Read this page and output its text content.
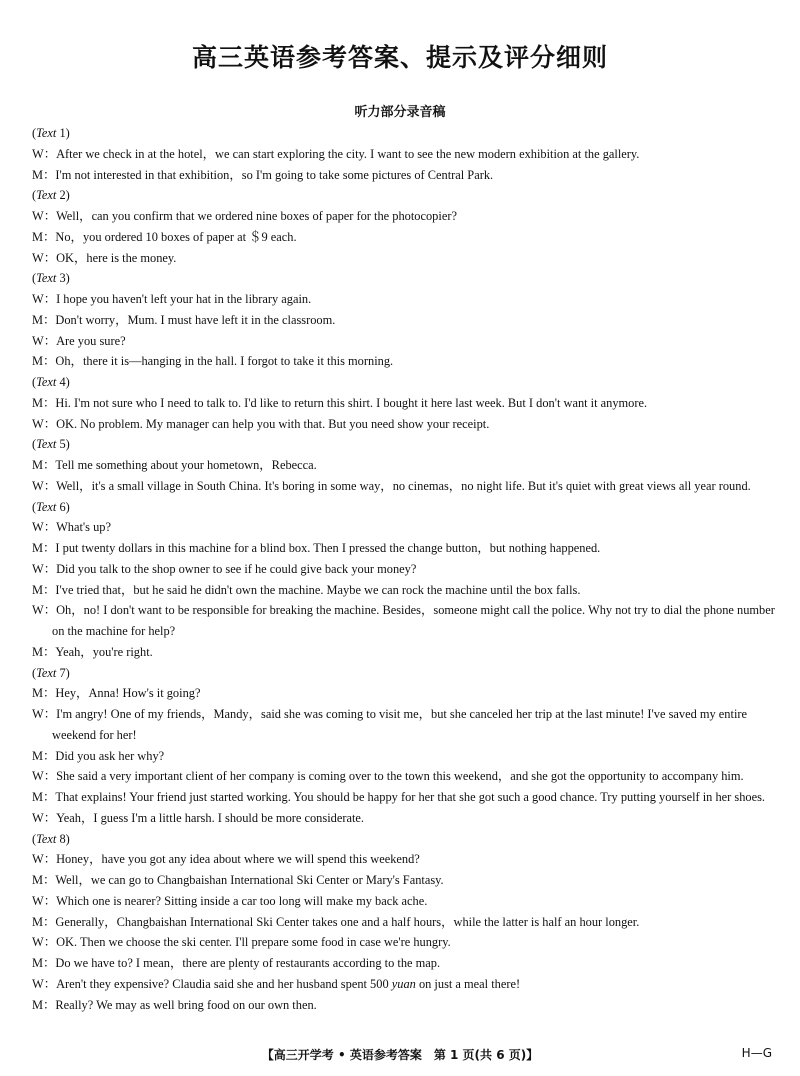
高三英语参考答案、提示及评分细则
听力部分录音稿
(Text 1)
W：After we check in at the hotel，we can start exploring the city. I want to see the new modern exhibition at the gallery.
M：I'm not interested in that exhibition，so I'm going to take some pictures of Central Park.
(Text 2)
W：Well，can you confirm that we ordered nine boxes of paper for the photocopier?
M：No，you ordered 10 boxes of paper at ＄9 each.
W：OK，here is the money.
(Text 3)
W：I hope you haven't left your hat in the library again.
M：Don't worry，Mum. I must have left it in the classroom.
W：Are you sure?
M：Oh，there it is—hanging in the hall. I forgot to take it this morning.
(Text 4)
M：Hi. I'm not sure who I need to talk to. I'd like to return this shirt. I bought it here last week. But I don't want it anymore.
W：OK. No problem. My manager can help you with that. But you need show your receipt.
(Text 5)
M：Tell me something about your hometown，Rebecca.
W：Well，it's a small village in South China. It's boring in some way，no cinemas，no night life. But it's quiet with great views all year round.
(Text 6)
W：What's up?
M：I put twenty dollars in this machine for a blind box. Then I pressed the change button，but nothing happened.
W：Did you talk to the shop owner to see if he could give back your money?
M：I've tried that，but he said he didn't own the machine. Maybe we can rock the machine until the box falls.
W：Oh，no! I don't want to be responsible for breaking the machine. Besides，someone might call the police. Why not try to dial the phone number on the machine for help?
M：Yeah，you're right.
(Text 7)
M：Hey，Anna! How's it going?
W：I'm angry! One of my friends，Mandy，said she was coming to visit me，but she canceled her trip at the last minute! I've saved my entire weekend for her!
M：Did you ask her why?
W：She said a very important client of her company is coming over to the town this weekend，and she got the opportunity to accompany him.
M：That explains! Your friend just started working. You should be happy for her that she got such a good chance. Try putting yourself in her shoes.
W：Yeah，I guess I'm a little harsh. I should be more considerate.
(Text 8)
W：Honey，have you got any idea about where we will spend this weekend?
M：Well，we can go to Changbaishan International Ski Center or Mary's Fantasy.
W：Which one is nearer? Sitting inside a car too long will make my back ache.
M：Generally，Changbaishan International Ski Center takes one and a half hours，while the latter is half an hour longer.
W：OK. Then we choose the ski center. I'll prepare some food in case we're hungry.
M：Do we have to? I mean，there are plenty of restaurants according to the map.
W：Aren't they expensive? Claudia said she and her husband spent 500 yuan on just a meal there!
M：Really? We may as well bring food on our own then.
【高三开学考 • 英语参考答案　第 1 页(共 6 页)】	H—G
